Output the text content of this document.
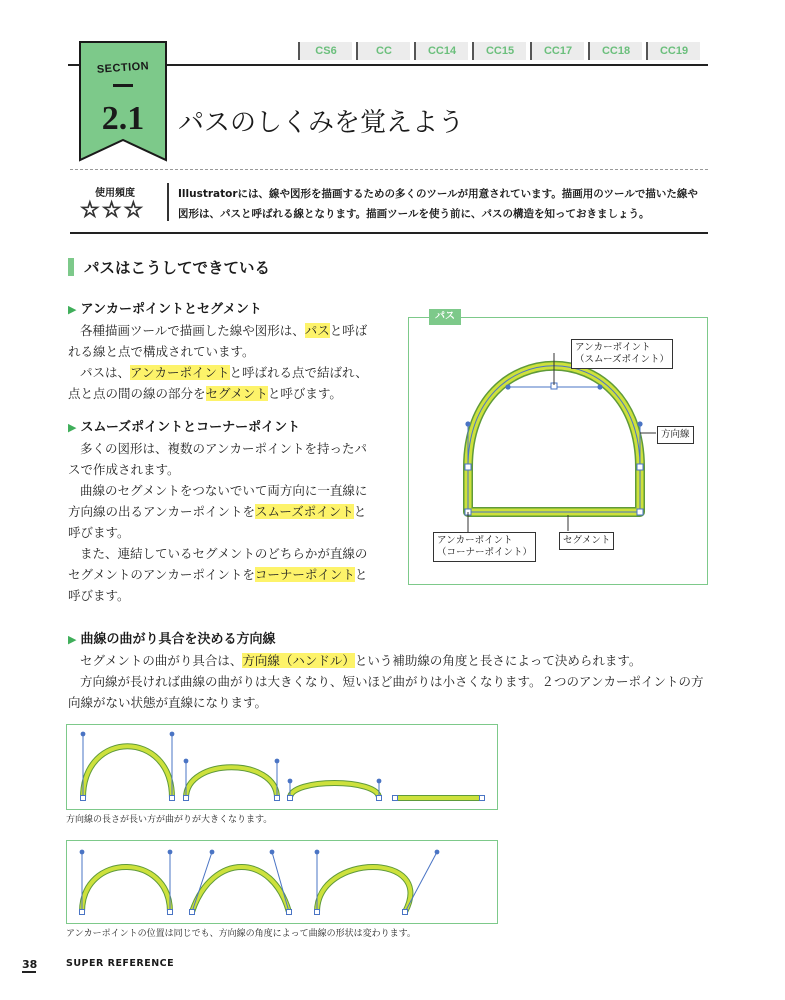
CS6	CC	CC14	CC15	CC17	CC18	CC19
SECTION
2.1	パスのしくみを覚えよう
使用頻度
☆☆☆
Illustratorには、線や図形を描画するための多くのツールが用意されています。描画用のツールで描いた線や図形は、パスと呼ばれる線となります。描画ツールを使う前に、パスの構造を知っておきましょう。
パスはこうしてできている
▶ アンカーポイントとセグメント
各種描画ツールで描画した線や図形は、パスと呼ばれる線と点で構成されています。
パスは、アンカーポイントと呼ばれる点で結ばれ、点と点の間の線の部分をセグメントと呼びます。
▶ スムーズポイントとコーナーポイント
多くの図形は、複数のアンカーポイントを持ったパスで作成されます。
曲線のセグメントをつないでいて両方向に一直線に方向線の出るアンカーポイントをスムーズポイントと呼びます。
また、連結しているセグメントのどちらかが直線のセグメントのアンカーポイントをコーナーポイントと呼びます。
パス
アンカーポイント
（スムーズポイント）
方向線
アンカーポイント
（コーナーポイント）
セグメント
▶ 曲線の曲がり具合を決める方向線
セグメントの曲がり具合は、方向線（ハンドル）という補助線の角度と長さによって決められます。
方向線が長ければ曲線の曲がりは大きくなり、短いほど曲がりは小さくなります。２つのアンカーポイントの方向線がない状態が直線になります。
方向線の長さが長い方が曲がりが大きくなります。
アンカーポイントの位置は同じでも、方向線の角度によって曲線の形状は変わります。
38	SUPER REFERENCE
